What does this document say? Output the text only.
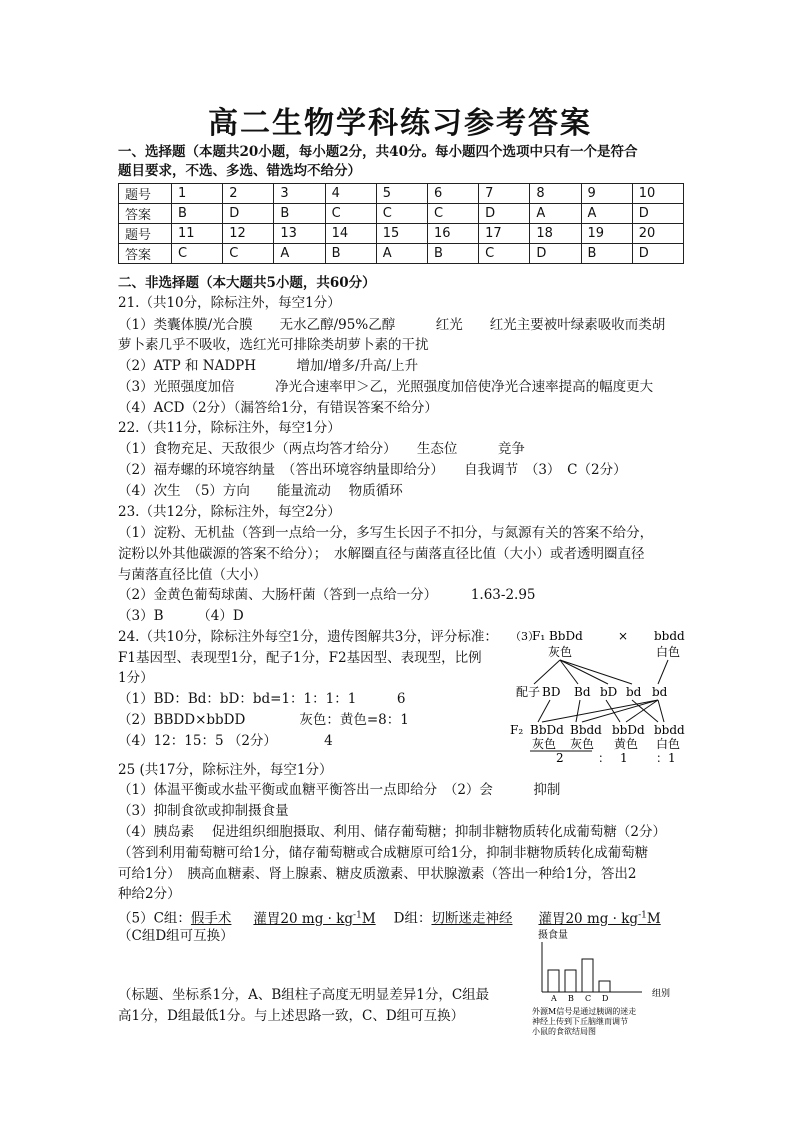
高二生物学科练习参考答案
一、选择题（本题共20小题，每小题2分，共40分。每小题四个选项中只有一个是符合
题目要求，不选、多选、错选均不给分）
题号	1	2	3	4	5	6	7	8	9	10
答案	B	D	B	C	C	C	D	A	A	D
题号	11	12	13	14	15	16	17	18	19	20
答案	C	C	A	B	A	B	C	D	B	D
二、非选择题（本大题共5小题，共60分）
21.（共10分，除标注外，每空1分）
（1）类囊体膜/光合膜　　无水乙醇/95%乙醇　　　红光　　红光主要被叶绿素吸收而类胡
萝卜素几乎不吸收，选红光可排除类胡萝卜素的干扰
（2）ATP 和 NADPH　　　增加/增多/升高/上升
（3）光照强度加倍　　　净光合速率甲＞乙，光照强度加倍使净光合速率提高的幅度更大
（4）ACD（2分）（漏答给1分，有错误答案不给分）
22.（共11分，除标注外，每空1分）
（1）食物充足、天敌很少（两点均答才给分）　　生态位　　　竞争
（2）福寿螺的环境容纳量　（答出环境容纳量即给分）　　自我调节　（3）　C（2分）
（4）次生　（5）方向　　能量流动　 物质循环
23.（共12分，除标注外，每空2分）
（1）淀粉、无机盐（答到一点给一分，多写生长因子不扣分，与氮源有关的答案不给分，
淀粉以外其他碳源的答案不给分）；　水解圈直径与菌落直径比值（大小）或者透明圈直径
与菌落直径比值（大小）
（2）金黄色葡萄球菌、大肠杆菌（答到一点给一分）　　　1.63-2.95
（3）B　　　（4）D
24.（共10分，除标注外每空1分，遗传图解共3分，评分标准：
F1基因型、表现型1分，配子1分，F2基因型、表现型，比例
1分）
（1）BD：Bd：bD：bd=1：1：1：1　　　6
（2）BBDD×bbDD　　　　灰色：黄色=8：1
（4）12：15：5 （2分）　　　　4
（3）
F₁ BbDd	× bbdd
灰色	白色
配子 BD Bd bD bd bd
F₂ BbDd Bbdd bbDd bbdd
灰色 灰色 黄色 白色
2	： 1 ：1
25 (共17分，除标注外，每空1分）
（1）体温平衡或水盐平衡或血糖平衡答出一点即给分　（2）会　　　抑制
（3）抑制食欲或抑制摄食量
（4）胰岛素　 促进组织细胞摄取、利用、储存葡萄糖；抑制非糖物质转化成葡萄糖（2分）
（答到利用葡萄糖可给1分，储存葡萄糖或合成糖原可给1分，抑制非糖物质转化成葡萄糖
可给1分）　胰高血糖素、肾上腺素、糖皮质激素、甲状腺激素（答出一种给1分，答出2
种给2分）
（5）C组：假手术 灌胃20 mg · $kg^{-1}M$ D组：切断迷走神经 灌胃20 mg · $kg^{-1}M$
（C组D组可互换）
（标题、坐标系1分，A、B组柱子高度无明显差异1分，C组最
高1分，D组最低1分。与上述思路一致，C、D组可互换）
摄食量
组别
A B C D
外源M信号是通过胰调的迷走
神经上传到下丘脑继而调节
小鼠的食欲结局图
